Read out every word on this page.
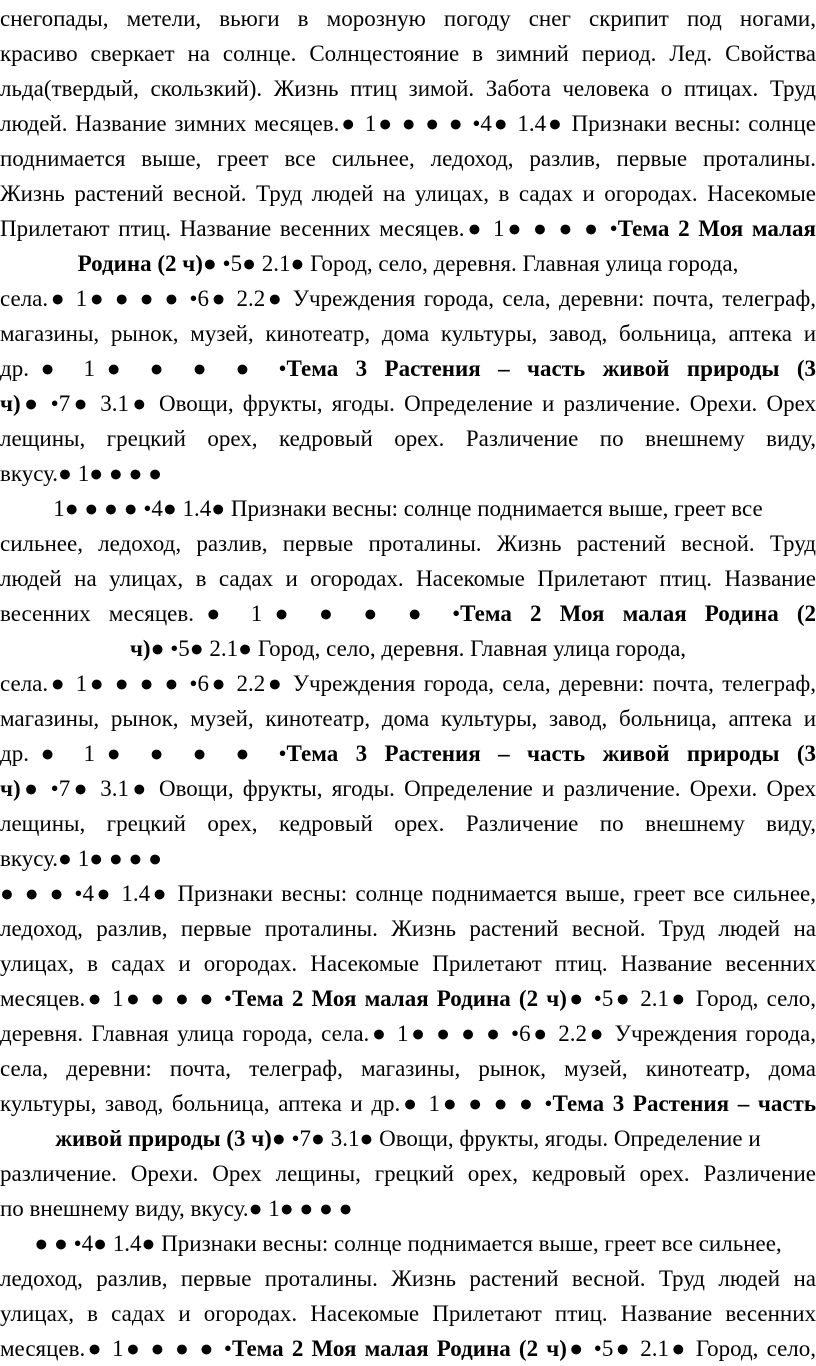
снегопады, метели, вьюги в морозную погоду снег скрипит под ногами,
красиво сверкает на солнце. Солнцестояние в зимний период. Лед. Свойства
льда(твердый, скользкий). Жизнь птиц зимой. Забота человека о птицах. Труд
людей. Название зимних месяцев.● 1● ● ● ● •4● 1.4● Признаки весны: солнце
поднимается выше, греет все сильнее, ледоход, разлив, первые проталины.
Жизнь растений весной. Труд людей на улицах, в садах и огородах. Насекомые
Прилетают птиц. Название весенних месяцев.● 1● ● ● ● •Тема 2 Моя малая
Родина (2 ч)● •5● 2.1● Город, село, деревня. Главная улица города,
села.● 1● ● ● ● •6● 2.2● Учреждения города, села, деревни: почта, телеграф,
магазины, рынок, музей, кинотеатр, дома культуры, завод, больница, аптека и
др.● 1● ● ● ● •Тема 3 Растения – часть живой природы (3
ч)● •7● 3.1● Овощи, фрукты, ягоды. Определение и различение. Орехи. Орех
лещины, грецкий орех, кедровый орех. Различение по внешнему виду,
вкусу.● 1● ● ● ●
1● ● ● ● •4● 1.4● Признаки весны: солнце поднимается выше, греет все
сильнее, ледоход, разлив, первые проталины. Жизнь растений весной. Труд
людей на улицах, в садах и огородах. Насекомые Прилетают птиц. Название
весенних месяцев.● 1● ● ● ● •Тема 2 Моя малая Родина (2
ч)● •5● 2.1● Город, село, деревня. Главная улица города,
села.● 1● ● ● ● •6● 2.2● Учреждения города, села, деревни: почта, телеграф,
магазины, рынок, музей, кинотеатр, дома культуры, завод, больница, аптека и
др.● 1● ● ● ● •Тема 3 Растения – часть живой природы (3
ч)● •7● 3.1● Овощи, фрукты, ягоды. Определение и различение. Орехи. Орех
лещины, грецкий орех, кедровый орех. Различение по внешнему виду,
вкусу.● 1● ● ● ●
● ● ● •4● 1.4● Признаки весны: солнце поднимается выше, греет все сильнее,
ледоход, разлив, первые проталины. Жизнь растений весной. Труд людей на
улицах, в садах и огородах. Насекомые Прилетают птиц. Название весенних
месяцев.● 1● ● ● ● •Тема 2 Моя малая Родина (2 ч)● •5● 2.1● Город, село,
деревня. Главная улица города, села.● 1● ● ● ● •6● 2.2● Учреждения города,
села, деревни: почта, телеграф, магазины, рынок, музей, кинотеатр, дома
культуры, завод, больница, аптека и др.● 1● ● ● ● •Тема 3 Растения – часть
живой природы (3 ч)● •7● 3.1● Овощи, фрукты, ягоды. Определение и
различение. Орехи. Орех лещины, грецкий орех, кедровый орех. Различение
по внешнему виду, вкусу.● 1● ● ● ●
● ● •4● 1.4● Признаки весны: солнце поднимается выше, греет все сильнее,
ледоход, разлив, первые проталины. Жизнь растений весной. Труд людей на
улицах, в садах и огородах. Насекомые Прилетают птиц. Название весенних
месяцев.● 1● ● ● ● •Тема 2 Моя малая Родина (2 ч)● •5● 2.1● Город, село,
